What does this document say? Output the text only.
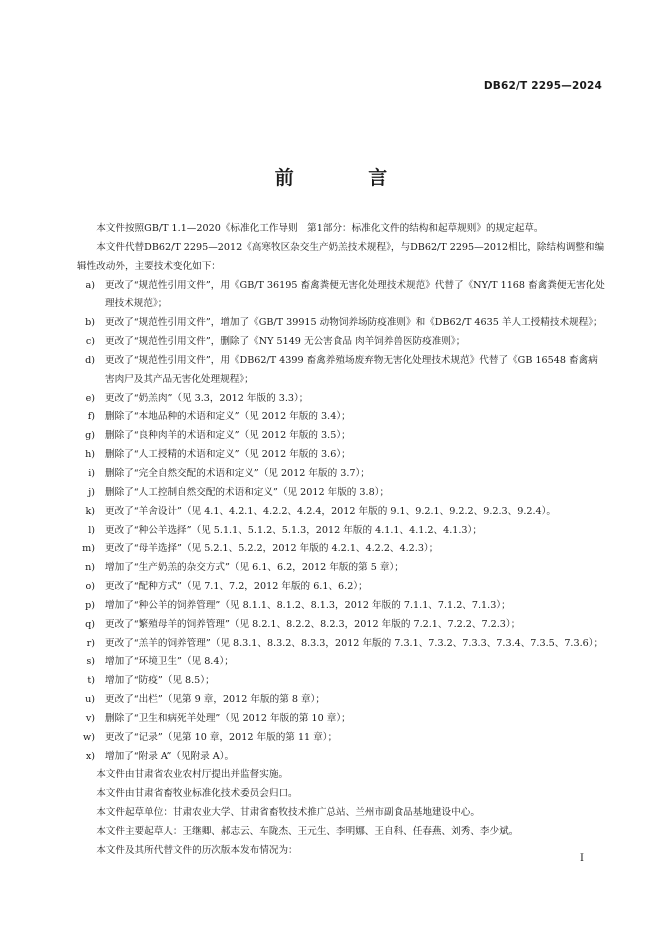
DB62/T 2295—2024
前 言

本文件按照GB/T 1.1—2020《标准化工作导则　第1部分：标准化文件的结构和起草规则》的规定起草。

本文件代替DB62/T 2295—2012《高寒牧区杂交生产奶羔技术规程》，与DB62/T 2295—2012相比，除结构调整和编辑性改动外，主要技术变化如下：

a) 更改了“规范性引用文件”，用《GB/T 36195 畜禽粪便无害化处理技术规范》代替了《NY/T 1168 畜禽粪便无害化处理技术规范》；
b) 更改了“规范性引用文件”，增加了《GB/T 39915 动物饲养场防疫准则》和《DB62/T 4635 羊人工授精技术规程》；
c) 更改了“规范性引用文件”，删除了《NY 5149 无公害食品 肉羊饲养兽医防疫准则》；
d) 更改了“规范性引用文件”，用《DB62/T 4399 畜禽养殖场废弃物无害化处理技术规范》代替了《GB 16548 畜禽病害肉尸及其产品无害化处理规程》；
e) 更改了“奶羔肉”（见 3.3，2012 年版的 3.3）；
f) 删除了“本地品种的术语和定义”（见 2012 年版的 3.4）；
g) 删除了“良种肉羊的术语和定义”（见 2012 年版的 3.5）；
h) 删除了“人工授精的术语和定义”（见 2012 年版的 3.6）；
i) 删除了“完全自然交配的术语和定义”（见 2012 年版的 3.7）；
j) 删除了“人工控制自然交配的术语和定义”（见 2012 年版的 3.8）；
k) 更改了“羊舍设计”（见 4.1、4.2.1、4.2.2、4.2.4，2012 年版的 9.1、9.2.1、9.2.2、9.2.3、9.2.4）。
l) 更改了“种公羊选择”（见 5.1.1、5.1.2、5.1.3，2012 年版的 4.1.1、4.1.2、4.1.3）；
m) 更改了“母羊选择”（见 5.2.1、5.2.2，2012 年版的 4.2.1、4.2.2、4.2.3）；
n) 增加了“生产奶羔的杂交方式”（见 6.1、6.2，2012 年版的第 5 章）；
o) 更改了“配种方式”（见 7.1、7.2，2012 年版的 6.1、6.2）；
p) 增加了“种公羊的饲养管理”（见 8.1.1、8.1.2、8.1.3，2012 年版的 7.1.1、7.1.2、7.1.3）；
q) 更改了“繁殖母羊的饲养管理”（见 8.2.1、8.2.2、8.2.3，2012 年版的 7.2.1、7.2.2、7.2.3）；
r) 更改了“羔羊的饲养管理”（见 8.3.1、8.3.2、8.3.3，2012 年版的 7.3.1、7.3.2、7.3.3、7.3.4、7.3.5、7.3.6）；
s) 增加了“环境卫生”（见 8.4）；
t) 增加了“防疫”（见 8.5）；
u) 更改了“出栏”（见第 9 章，2012 年版的第 8 章）；
v) 删除了“卫生和病死羊处理”（见 2012 年版的第 10 章）；
w) 更改了“记录”（见第 10 章，2012 年版的第 11 章）；
x) 增加了“附录 A”（见附录 A）。

本文件由甘肃省农业农村厅提出并监督实施。

本文件由甘肃省畜牧业标准化技术委员会归口。

本文件起草单位：甘肃农业大学、甘肃省畜牧技术推广总站、兰州市副食品基地建设中心。

本文件主要起草人：王继卿、郝志云、车陇杰、王元生、李明娜、王自科、任春燕、刘秀、李少斌。

本文件及其所代替文件的历次版本发布情况为：

I
